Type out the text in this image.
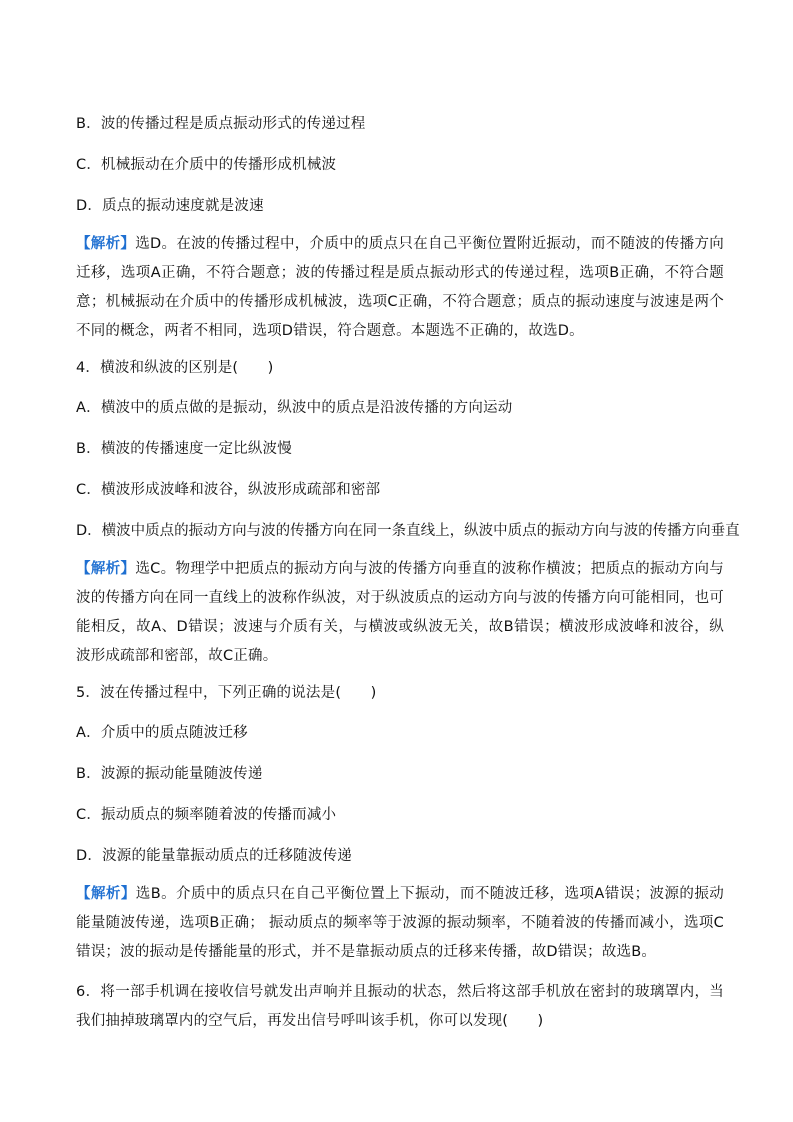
B．波的传播过程是质点振动形式的传递过程
C．机械振动在介质中的传播形成机械波
D．质点的振动速度就是波速
【解析】选D。在波的传播过程中，介质中的质点只在自己平衡位置附近振动，而不随波的传播方向迁移，选项A正确，不符合题意；波的传播过程是质点振动形式的传递过程，选项B正确，不符合题意；机械振动在介质中的传播形成机械波，选项C正确，不符合题意；质点的振动速度与波速是两个不同的概念，两者不相同，选项D错误，符合题意。本题选不正确的，故选D。
4．横波和纵波的区别是(　　)
A．横波中的质点做的是振动，纵波中的质点是沿波传播的方向运动
B．横波的传播速度一定比纵波慢
C．横波形成波峰和波谷，纵波形成疏部和密部
D．横波中质点的振动方向与波的传播方向在同一条直线上，纵波中质点的振动方向与波的传播方向垂直
【解析】选C。物理学中把质点的振动方向与波的传播方向垂直的波称作横波；把质点的振动方向与波的传播方向在同一直线上的波称作纵波，对于纵波质点的运动方向与波的传播方向可能相同，也可能相反，故A、D错误；波速与介质有关，与横波或纵波无关，故B错误；横波形成波峰和波谷，纵波形成疏部和密部，故C正确。
5．波在传播过程中，下列正确的说法是(　　)
A．介质中的质点随波迁移
B．波源的振动能量随波传递
C．振动质点的频率随着波的传播而减小
D．波源的能量靠振动质点的迁移随波传递
【解析】选B。介质中的质点只在自己平衡位置上下振动，而不随波迁移，选项A错误；波源的振动能量随波传递，选项B正确； 振动质点的频率等于波源的振动频率，不随着波的传播而减小，选项C错误；波的振动是传播能量的形式，并不是靠振动质点的迁移来传播，故D错误；故选B。
6．将一部手机调在接收信号就发出声响并且振动的状态，然后将这部手机放在密封的玻璃罩内，当我们抽掉玻璃罩内的空气后，再发出信号呼叫该手机，你可以发现(　　)
